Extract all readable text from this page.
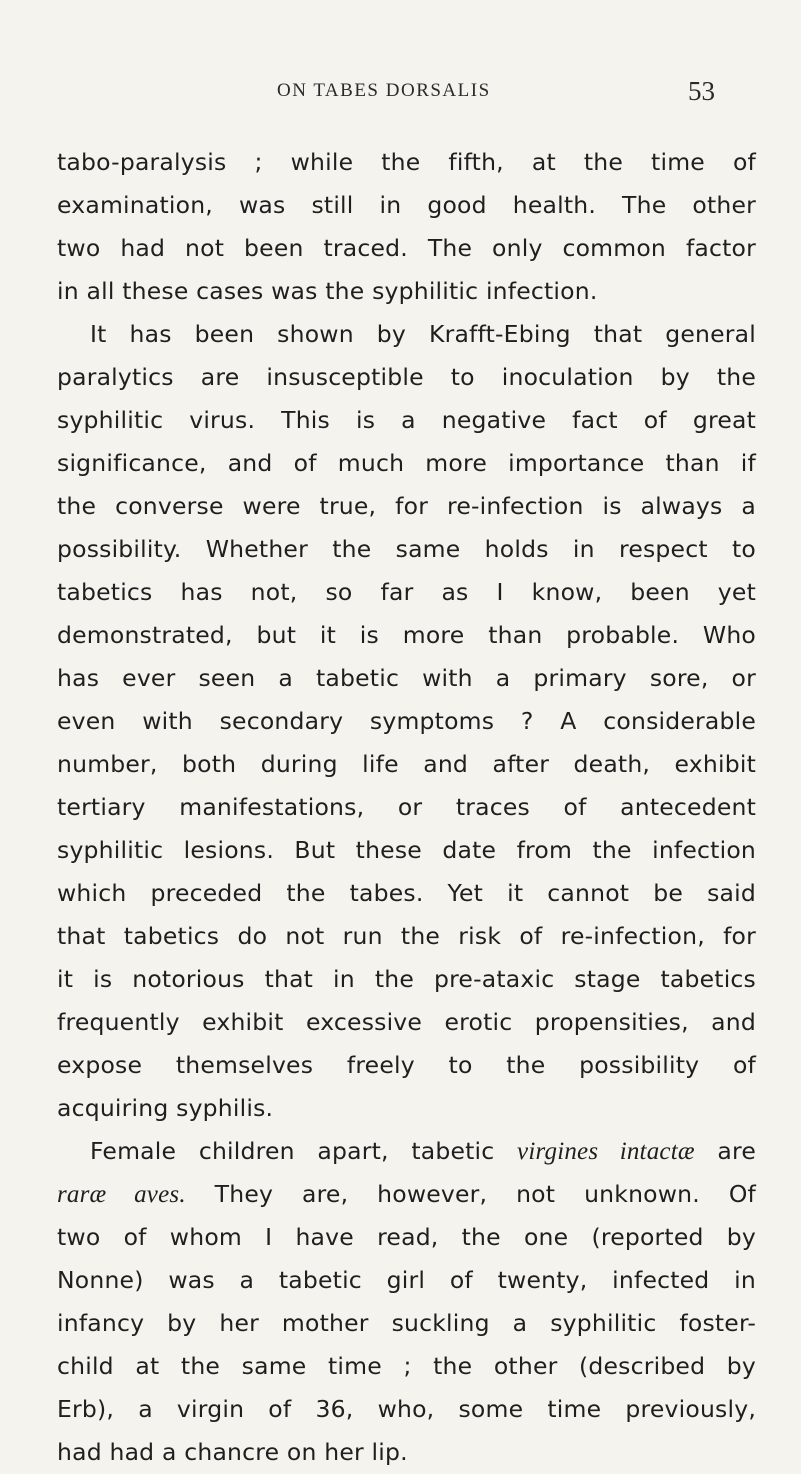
ON TABES DORSALIS	53
tabo-paralysis ; while the fifth, at the time of
examination, was still in good health. The other
two had not been traced. The only common factor
in all these cases was the syphilitic infection.
It has been shown by Krafft-Ebing that general
paralytics are insusceptible to inoculation by the
syphilitic virus. This is a negative fact of great
significance, and of much more importance than if
the converse were true, for re-infection is always a
possibility. Whether the same holds in respect to
tabetics has not, so far as I know, been yet
demonstrated, but it is more than probable. Who
has ever seen a tabetic with a primary sore, or
even with secondary symptoms ? A considerable
number, both during life and after death, exhibit
tertiary manifestations, or traces of antecedent
syphilitic lesions. But these date from the infection
which preceded the tabes. Yet it cannot be said
that tabetics do not run the risk of re-infection, for
it is notorious that in the pre-ataxic stage tabetics
frequently exhibit excessive erotic propensities, and
expose themselves freely to the possibility of
acquiring syphilis.
Female children apart, tabetic virgines intactæ are
raræ aves. They are, however, not unknown. Of
two of whom I have read, the one (reported by
Nonne) was a tabetic girl of twenty, infected in
infancy by her mother suckling a syphilitic foster-
child at the same time ; the other (described by
Erb), a virgin of 36, who, some time previously,
had had a chancre on her lip.
